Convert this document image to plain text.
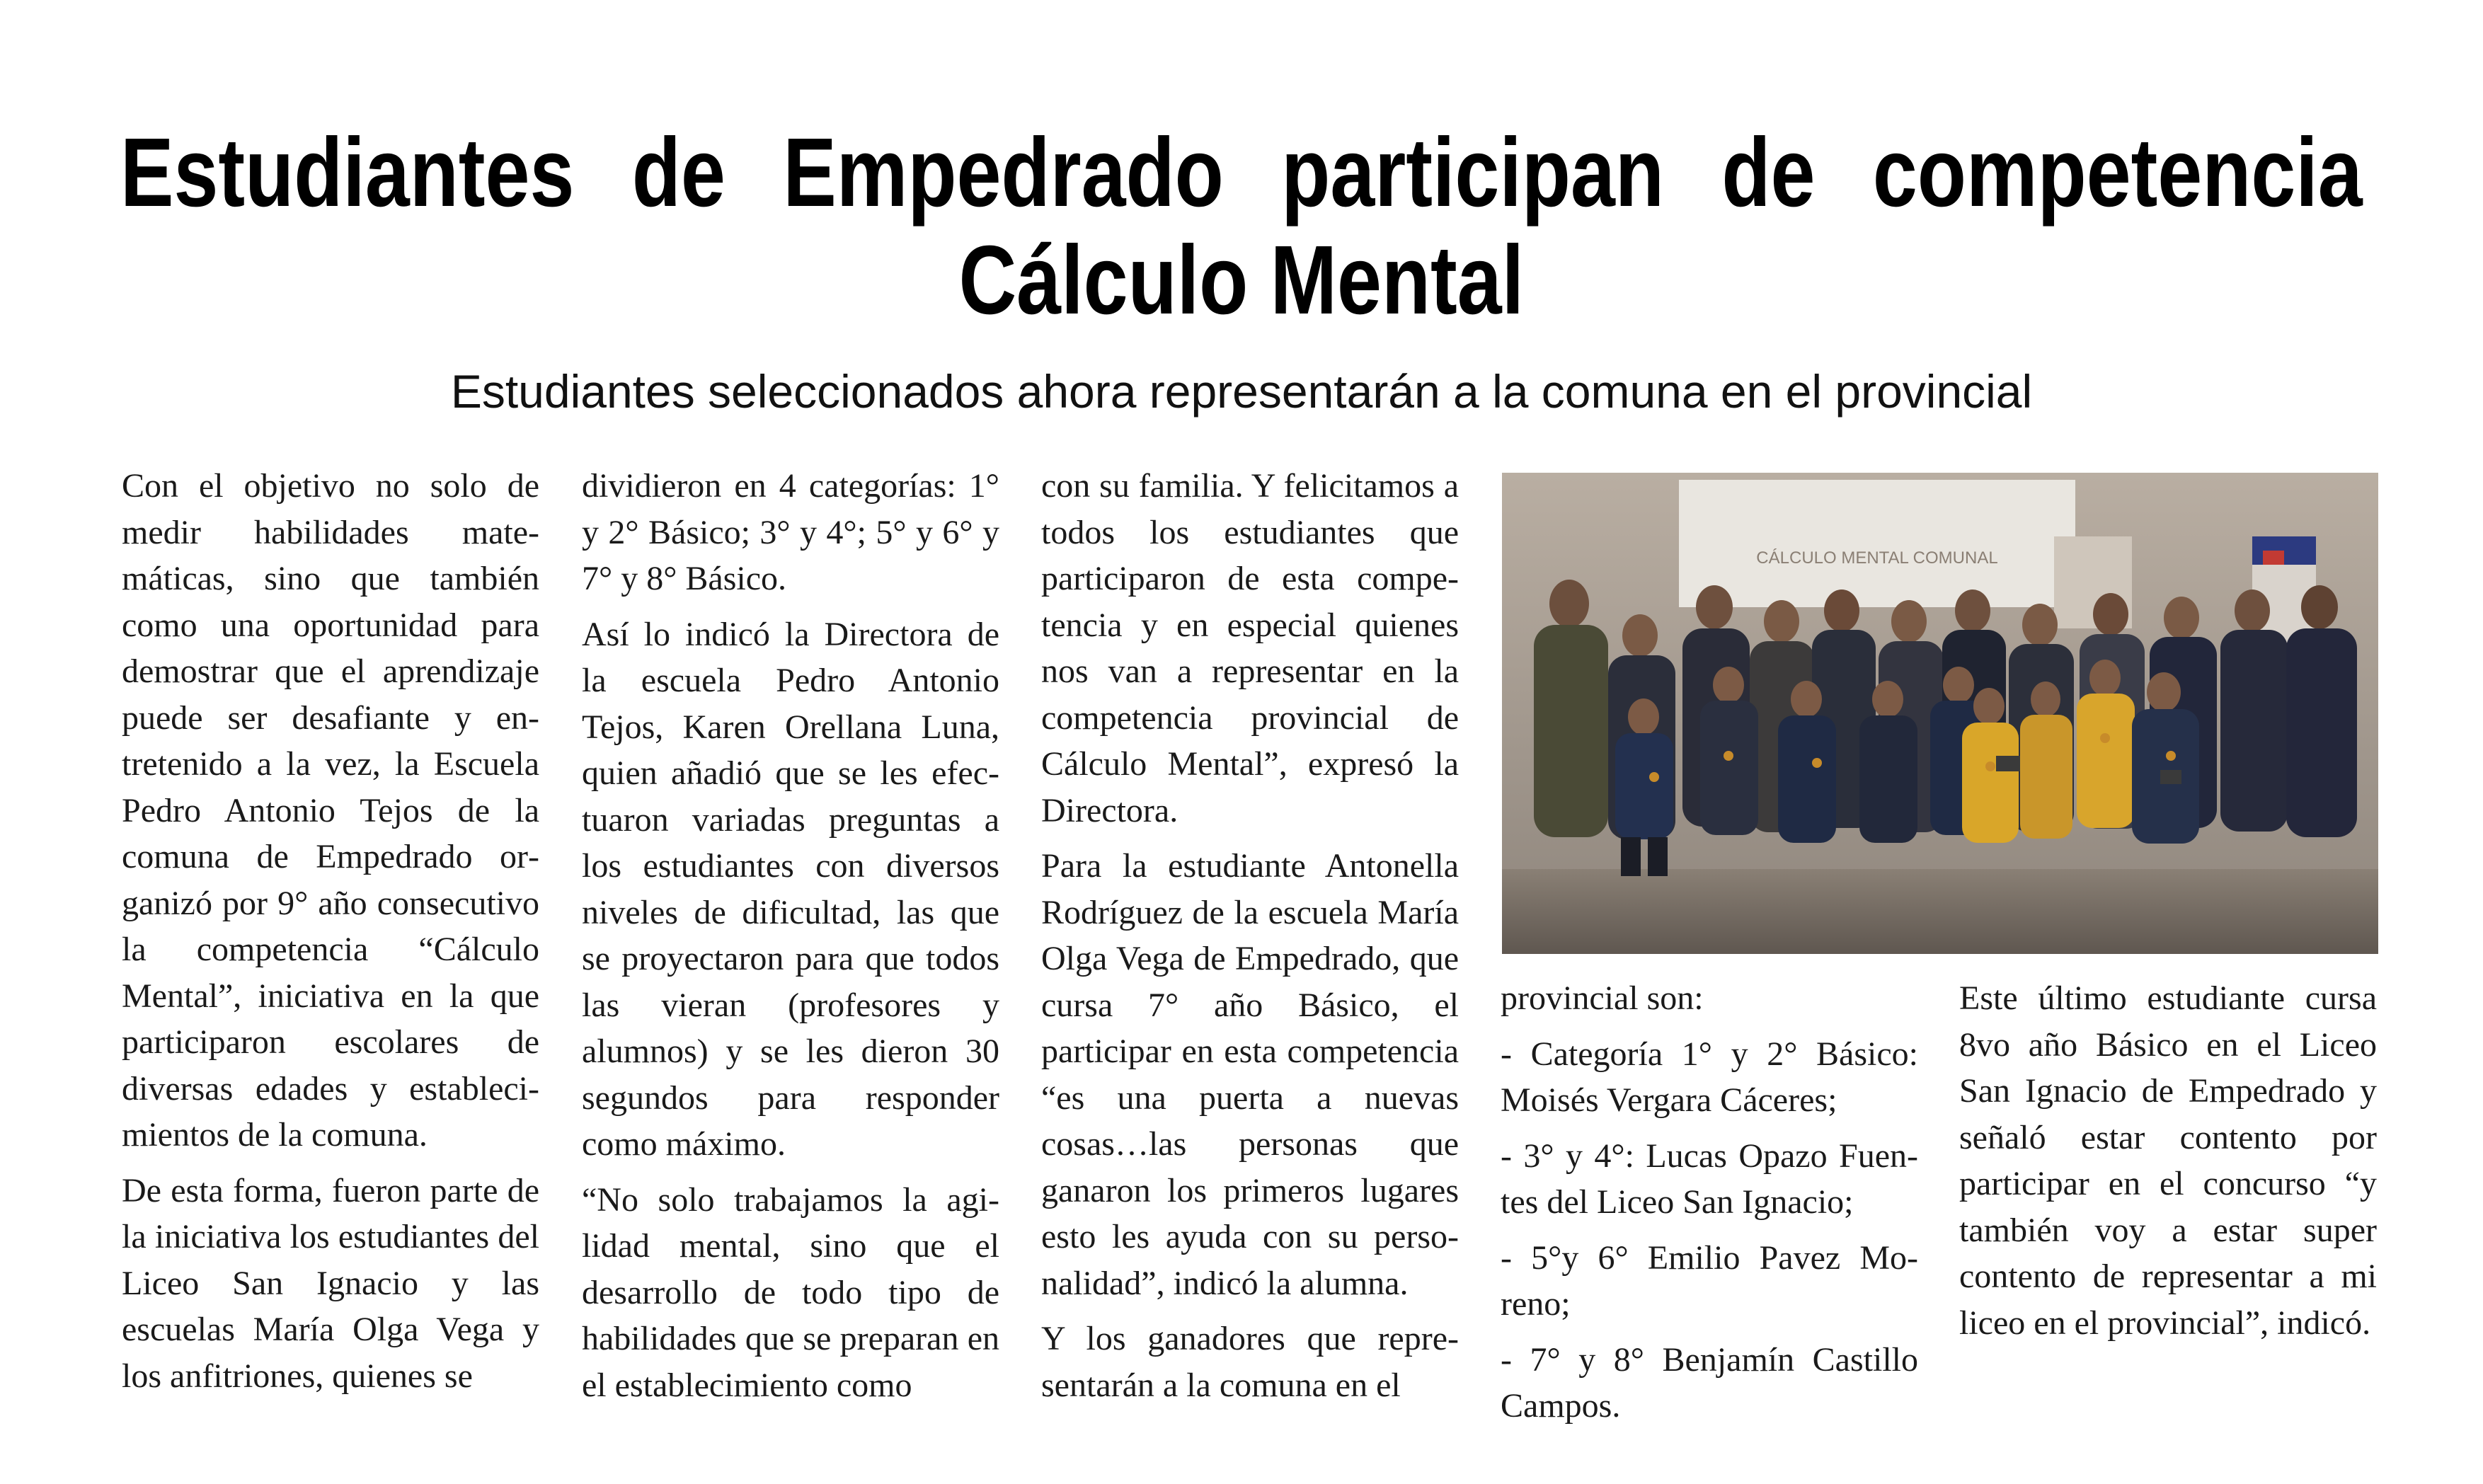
Estudiantes de Empedrado participan de competencia
Cálculo Mental
Estudiantes seleccionados ahora representarán a la comuna en el provincial

Con el objetivo no solo de medir habilidades matemáticas, sino que también como una oportunidad para demostrar que el aprendizaje puede ser desafiante y entretenido a la vez, la Escuela Pedro Antonio Tejos de la comuna de Empedrado organizó por 9° año consecutivo la competencia “Cálculo Mental”, iniciativa en la que participaron escolares de diversas edades y establecimientos de la comuna.

De esta forma, fueron parte de la iniciativa los estudiantes del Liceo San Ignacio y las escuelas María Olga Vega y los anfitriones, quienes se

dividieron en 4 categorías: 1° y 2° Básico; 3° y 4°; 5° y 6° y 7° y 8° Básico.

Así lo indicó la Directora de la escuela Pedro Antonio Tejos, Karen Orellana Luna, quien añadió que se les efectuaron variadas preguntas a los estudiantes con diversos niveles de dificultad, las que se proyectaron para que todos las vieran (profesores y alumnos) y se les dieron 30 segundos para responder como máximo.

“No solo trabajamos la agilidad mental, sino que el desarrollo de todo tipo de habilidades que se preparan en el establecimiento como

con su familia. Y felicitamos a todos los estudiantes que participaron de esta competencia y en especial quienes nos van a representar en la competencia provincial de Cálculo Mental”, expresó la Directora.

Para la estudiante Antonella Rodríguez de la escuela María Olga Vega de Empedrado, que cursa 7° año Básico, el participar en esta competencia “es una puerta a nuevas cosas…las personas que ganaron los primeros lugares esto les ayuda con su personalidad”, indicó la alumna.

Y los ganadores que representarán a la comuna en el

CÁLCULO MENTAL COMUNAL

provincial son:

- Categoría 1° y 2° Básico: Moisés Vergara Cáceres;

- 3° y 4°: Lucas Opazo Fuentes del Liceo San Ignacio;

- 5°y 6° Emilio Pavez Moreno;

- 7° y 8° Benjamín Castillo Campos.

Este último estudiante cursa 8vo año Básico en el Liceo San Ignacio de Empedrado y señaló estar contento por participar en el concurso “y también voy a estar super contento de representar a mi liceo en el provincial”, indicó.
